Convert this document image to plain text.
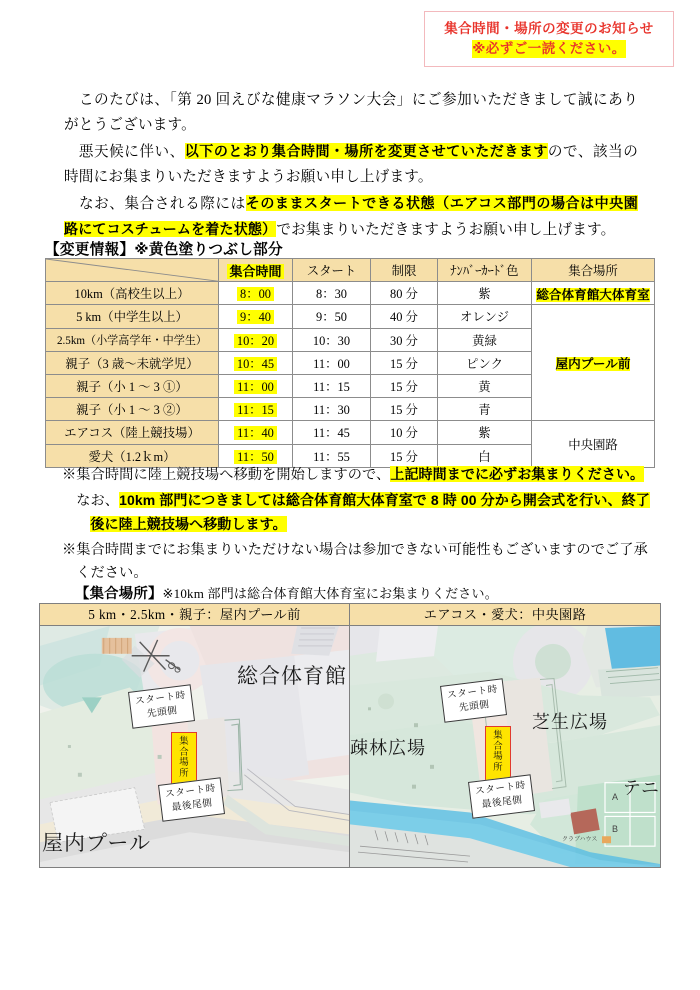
集合時間・場所の変更のお知らせ
※必ずご一読ください。

このたびは、「第 20 回えびな健康マラソン大会」にご参加いただきまして誠にありがとうございます。

悪天候に伴い、以下のとおり集合時間・場所を変更させていただきますので、該当の時間にお集まりいただきますようお願い申し上げます。

なお、集合される際にはそのままスタートできる状態（エアコス部門の場合は中央園路にてコスチュームを着た状態）でお集まりいただきますようお願い申し上げます。

【変更情報】※黄色塗りつぶし部分
	集合時間	スタート	制限	ﾅﾝﾊﾞｰｶｰﾄﾞ色	集合場所
10km（高校生以上）	8：00	8：30	80 分	紫	総合体育館大体育室
5 km（中学生以上）	9：40	9：50	40 分	オレンジ	屋内プール前
2.5km（小学高学年・中学生）	10：20	10：30	30 分	黄緑	
親子（3 歳〜未就学児）	10：45	11：00	15 分	ピンク	
親子（小 1 〜 3 ①）	11：00	11：15	15 分	黄	
親子（小 1 〜 3 ②）	11：15	11：30	15 分	青	
エアコス（陸上競技場）	11：40	11：45	10 分	紫	中央園路
愛犬（1.2ｋm）	11：50	11：55	15 分	白	
※集合時間に陸上競技場へ移動を開始しますので、上記時間までに必ずお集まりください。
なお、10km 部門につきましては総合体育館大体育室で 8 時 00 分から開会式を行い、終了後に陸上競技場へ移動します。
※集合時間までにお集まりいただけない場合は参加できない可能性もございますのでご了承ください。
【集合場所】※10km 部門は総合体育館大体育室にお集まりください。
5 km・2.5km・親子：屋内プール前
総合体育館
屋内プール
集
合
場
所
スタート時
先頭側
スタート時
最後尾側
エアコス・愛犬：中央園路
疎林広場
芝生広場
テニ
クラブハウス
A
B
集
合
場
所
スタート時
先頭側
スタート時
最後尾側
